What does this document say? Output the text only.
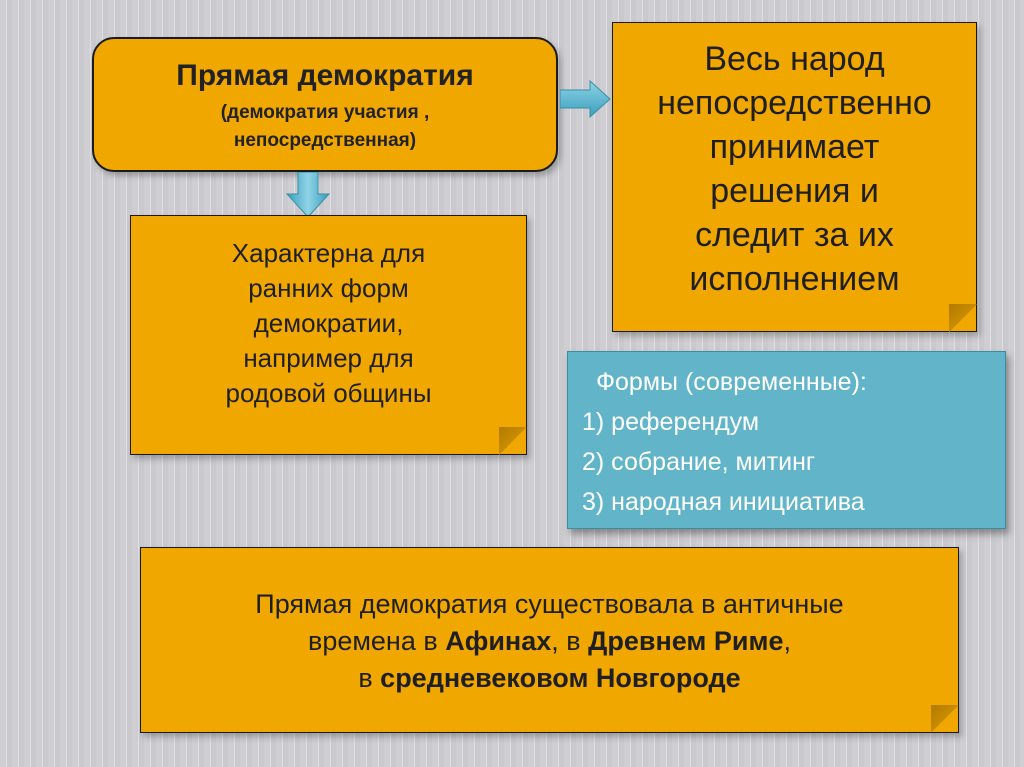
Прямая демократия
(демократия участия ,
непосредственная)
Весь народ
непосредственно
принимает
решения и
следит за их
исполнением
Характерна для
ранних форм
демократии,
например для
родовой общины	Формы (современные):
1) референдум
2) собрание, митинг
3) народная инициатива
Прямая демократия существовала в античные
времена в Афинах, в Древнем Риме,
в средневековом Новгороде
